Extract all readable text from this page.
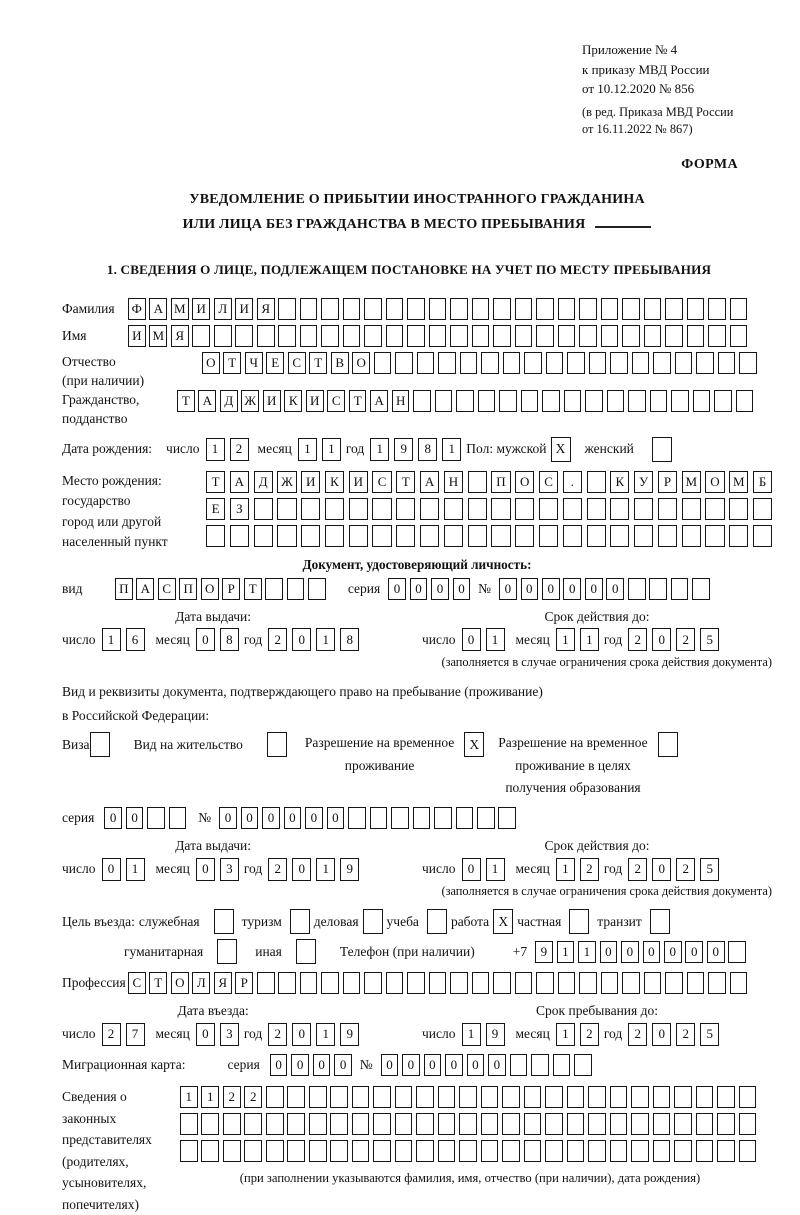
Приложение № 4
к приказу МВД России
от 10.12.2020 № 856
(в ред. Приказа МВД России
от 16.11.2022 № 867)
ФОРМА
УВЕДОМЛЕНИЕ О ПРИБЫТИИ ИНОСТРАННОГО ГРАЖДАНИНА
ИЛИ ЛИЦА БЕЗ ГРАЖДАНСТВА В МЕСТО ПРЕБЫВАНИЯ
1. СВЕДЕНИЯ О ЛИЦЕ, ПОДЛЕЖАЩЕМ ПОСТАНОВКЕ НА УЧЕТ ПО МЕСТУ ПРЕБЫВАНИЯ
Фамилия	Ф А М И Л И Я
Имя	И М Я
Отчество
(при наличии)
О Т	Ч	Е	С	Т	В О
Гражданство,
подданство
Т А Д Ж И К И С	Т А Н
Дата рождения: число 1 2	месяц 1 1 год 1 9 8 1 Пол: мужской X	женский
Место рождения:
государство
город или другой
населенный пункт
Т	А	Д	Ж	И	К	И	С	Т	А	Н	П	О	С	.	К	У	Р	М	О	М	Б
Е	З
Документ, удостоверяющий личность:
вид	П А С П О	Р	Т	серия	0	0	0	0 №	0	0	0	0	0	0
Дата выдачи:
число 1 6	месяц 0 8 год 2 0 1 8
Срок действия до:
число 0 1	месяц 1 1 год 2 0 2 5
(заполняется в случае ограничения срока действия документа)
Вид и реквизиты документа, подтверждающего право на пребывание (проживание)
в Российской Федерации:
Виза	Вид на жительство	Разрешение на временное
проживание
X	Разрешение на временное
проживание в целях
получения образования
серия	0	0	№	0	0	0	0	0	0
Дата выдачи:
число 0 1	месяц 0 3 год 2 0 1 9
Срок действия до:
число 0 1	месяц 1 2 год 2 0 2 5
(заполняется в случае ограничения срока действия документа)
Цель въезда: служебная	туризм деловая учеба работа X частная	транзит
гуманитарная	иная	Телефон (при наличии)	+7	9	1	1	0	0	0	0	0	0
Профессия С	Т О Л Я	Р
Дата въезда:
число 2 7	месяц 0 3 год 2 0 1 9
Срок пребывания до:
число 1 9	месяц 1 2 год 2 0 2 5
Миграционная карта:	серия	0	0	0	0 №	0	0	0	0	0	0
Сведения о
законных
представителях
(родителях,
усыновителях,
попечителях)
1	1	2	2
(при заполнении указываются фамилия, имя, отчество (при наличии), дата рождения)
